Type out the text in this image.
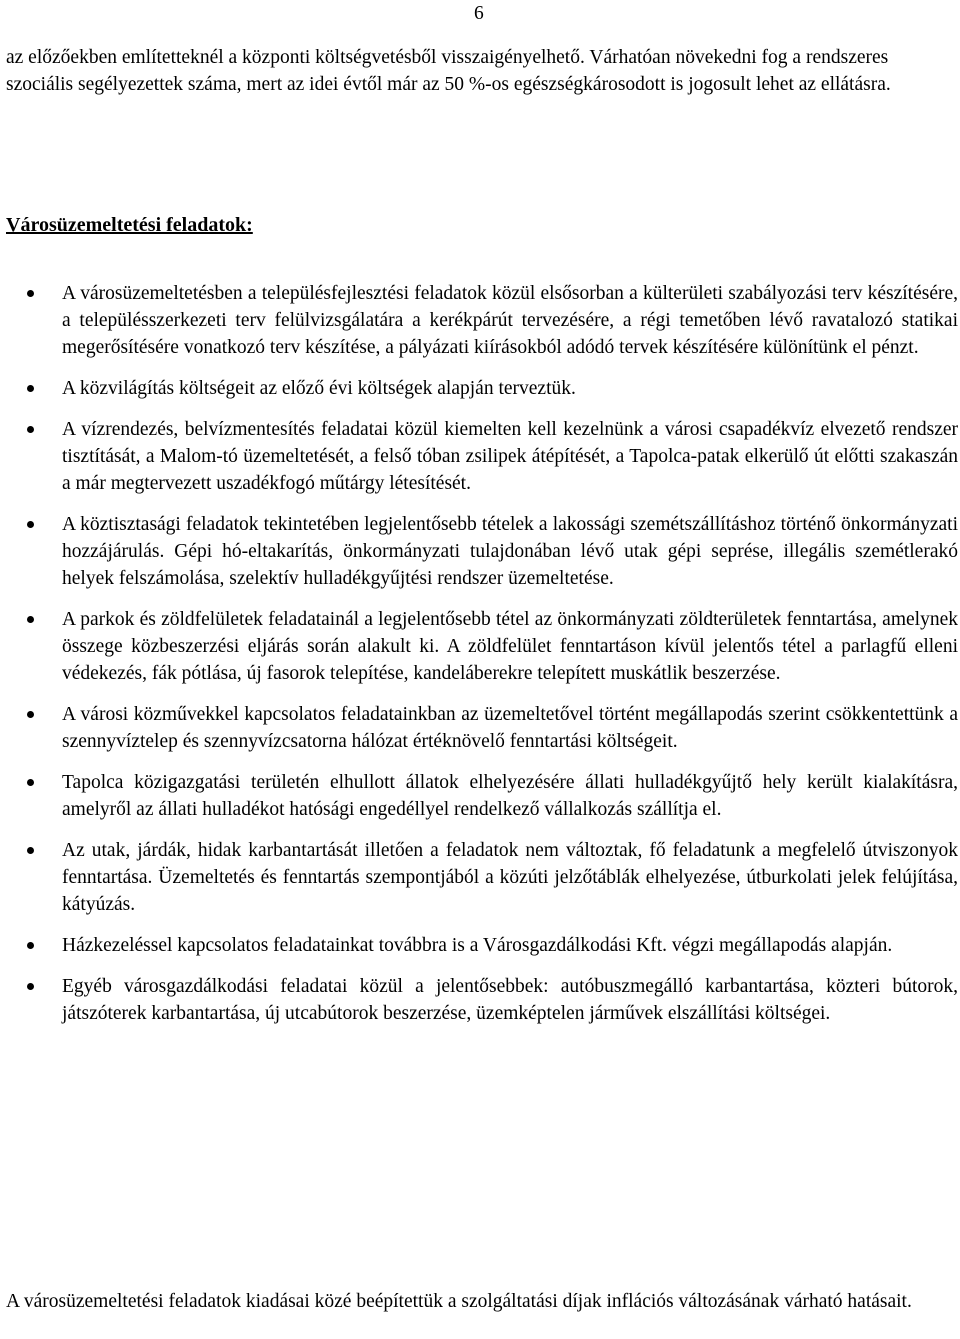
6

az előzőekben említetteknél a központi költségvetésből visszaigényelhető. Várhatóan növekedni fog a rendszeres szociális segélyezettek száma, mert az idei évtől már az 50 %-os egészségkárosodott is jogosult lehet az ellátásra.

Városüzemeltetési feladatok:
A városüzemeltetésben a településfejlesztési feladatok közül elsősorban a külterületi szabályozási terv készítésére, a településszerkezeti terv felülvizsgálatára a kerékpárút tervezésére, a régi temetőben lévő ravatalozó statikai megerősítésére vonatkozó terv készítése, a pályázati kiírásokból adódó tervek készítésére különítünk el pénzt.
A közvilágítás költségeit az előző évi költségek alapján terveztük.
A vízrendezés, belvízmentesítés feladatai közül kiemelten kell kezelnünk a városi csapadékvíz elvezető rendszer tisztítását, a Malom-tó üzemeltetését, a felső tóban zsilipek átépítését, a Tapolca-patak elkerülő út előtti szakaszán a már megtervezett uszadékfogó műtárgy létesítését.
A köztisztasági feladatok tekintetében legjelentősebb tételek a lakossági szemétszállításhoz történő önkormányzati hozzájárulás. Gépi hó-eltakarítás, önkormányzati tulajdonában lévő utak gépi seprése, illegális szemétlerakó helyek felszámolása, szelektív hulladékgyűjtési rendszer üzemeltetése.
A parkok és zöldfelületek feladatainál a legjelentősebb tétel az önkormányzati zöldterületek fenntartása, amelynek összege közbeszerzési eljárás során alakult ki. A zöldfelület fenntartáson kívül jelentős tétel a parlagfű elleni védekezés, fák pótlása, új fasorok telepítése, kandeláberekre telepített muskátlik beszerzése.
A városi közművekkel kapcsolatos feladatainkban az üzemeltetővel történt megállapodás szerint csökkentettünk a szennyvíztelep és szennyvízcsatorna hálózat értéknövelő fenntartási költségeit.
Tapolca közigazgatási területén elhullott állatok elhelyezésére állati hulladékgyűjtő hely került kialakításra, amelyről az állati hulladékot hatósági engedéllyel rendelkező vállalkozás szállítja el.
Az utak, járdák, hidak karbantartását illetően a feladatok nem változtak, fő feladatunk a megfelelő útviszonyok fenntartása. Üzemeltetés és fenntartás szempontjából a közúti jelzőtáblák elhelyezése, útburkolati jelek felújítása, kátyúzás.
Házkezeléssel kapcsolatos feladatainkat továbbra is a Városgazdálkodási Kft. végzi megállapodás alapján.
Egyéb városgazdálkodási feladatai közül a jelentősebbek: autóbuszmegálló karbantartása, közteri bútorok, játszóterek karbantartása, új utcabútorok beszerzése, üzemképtelen járművek elszállítási költségei.

A városüzemeltetési feladatok kiadásai közé beépítettük a szolgáltatási díjak inflációs változásának várható hatásait.
